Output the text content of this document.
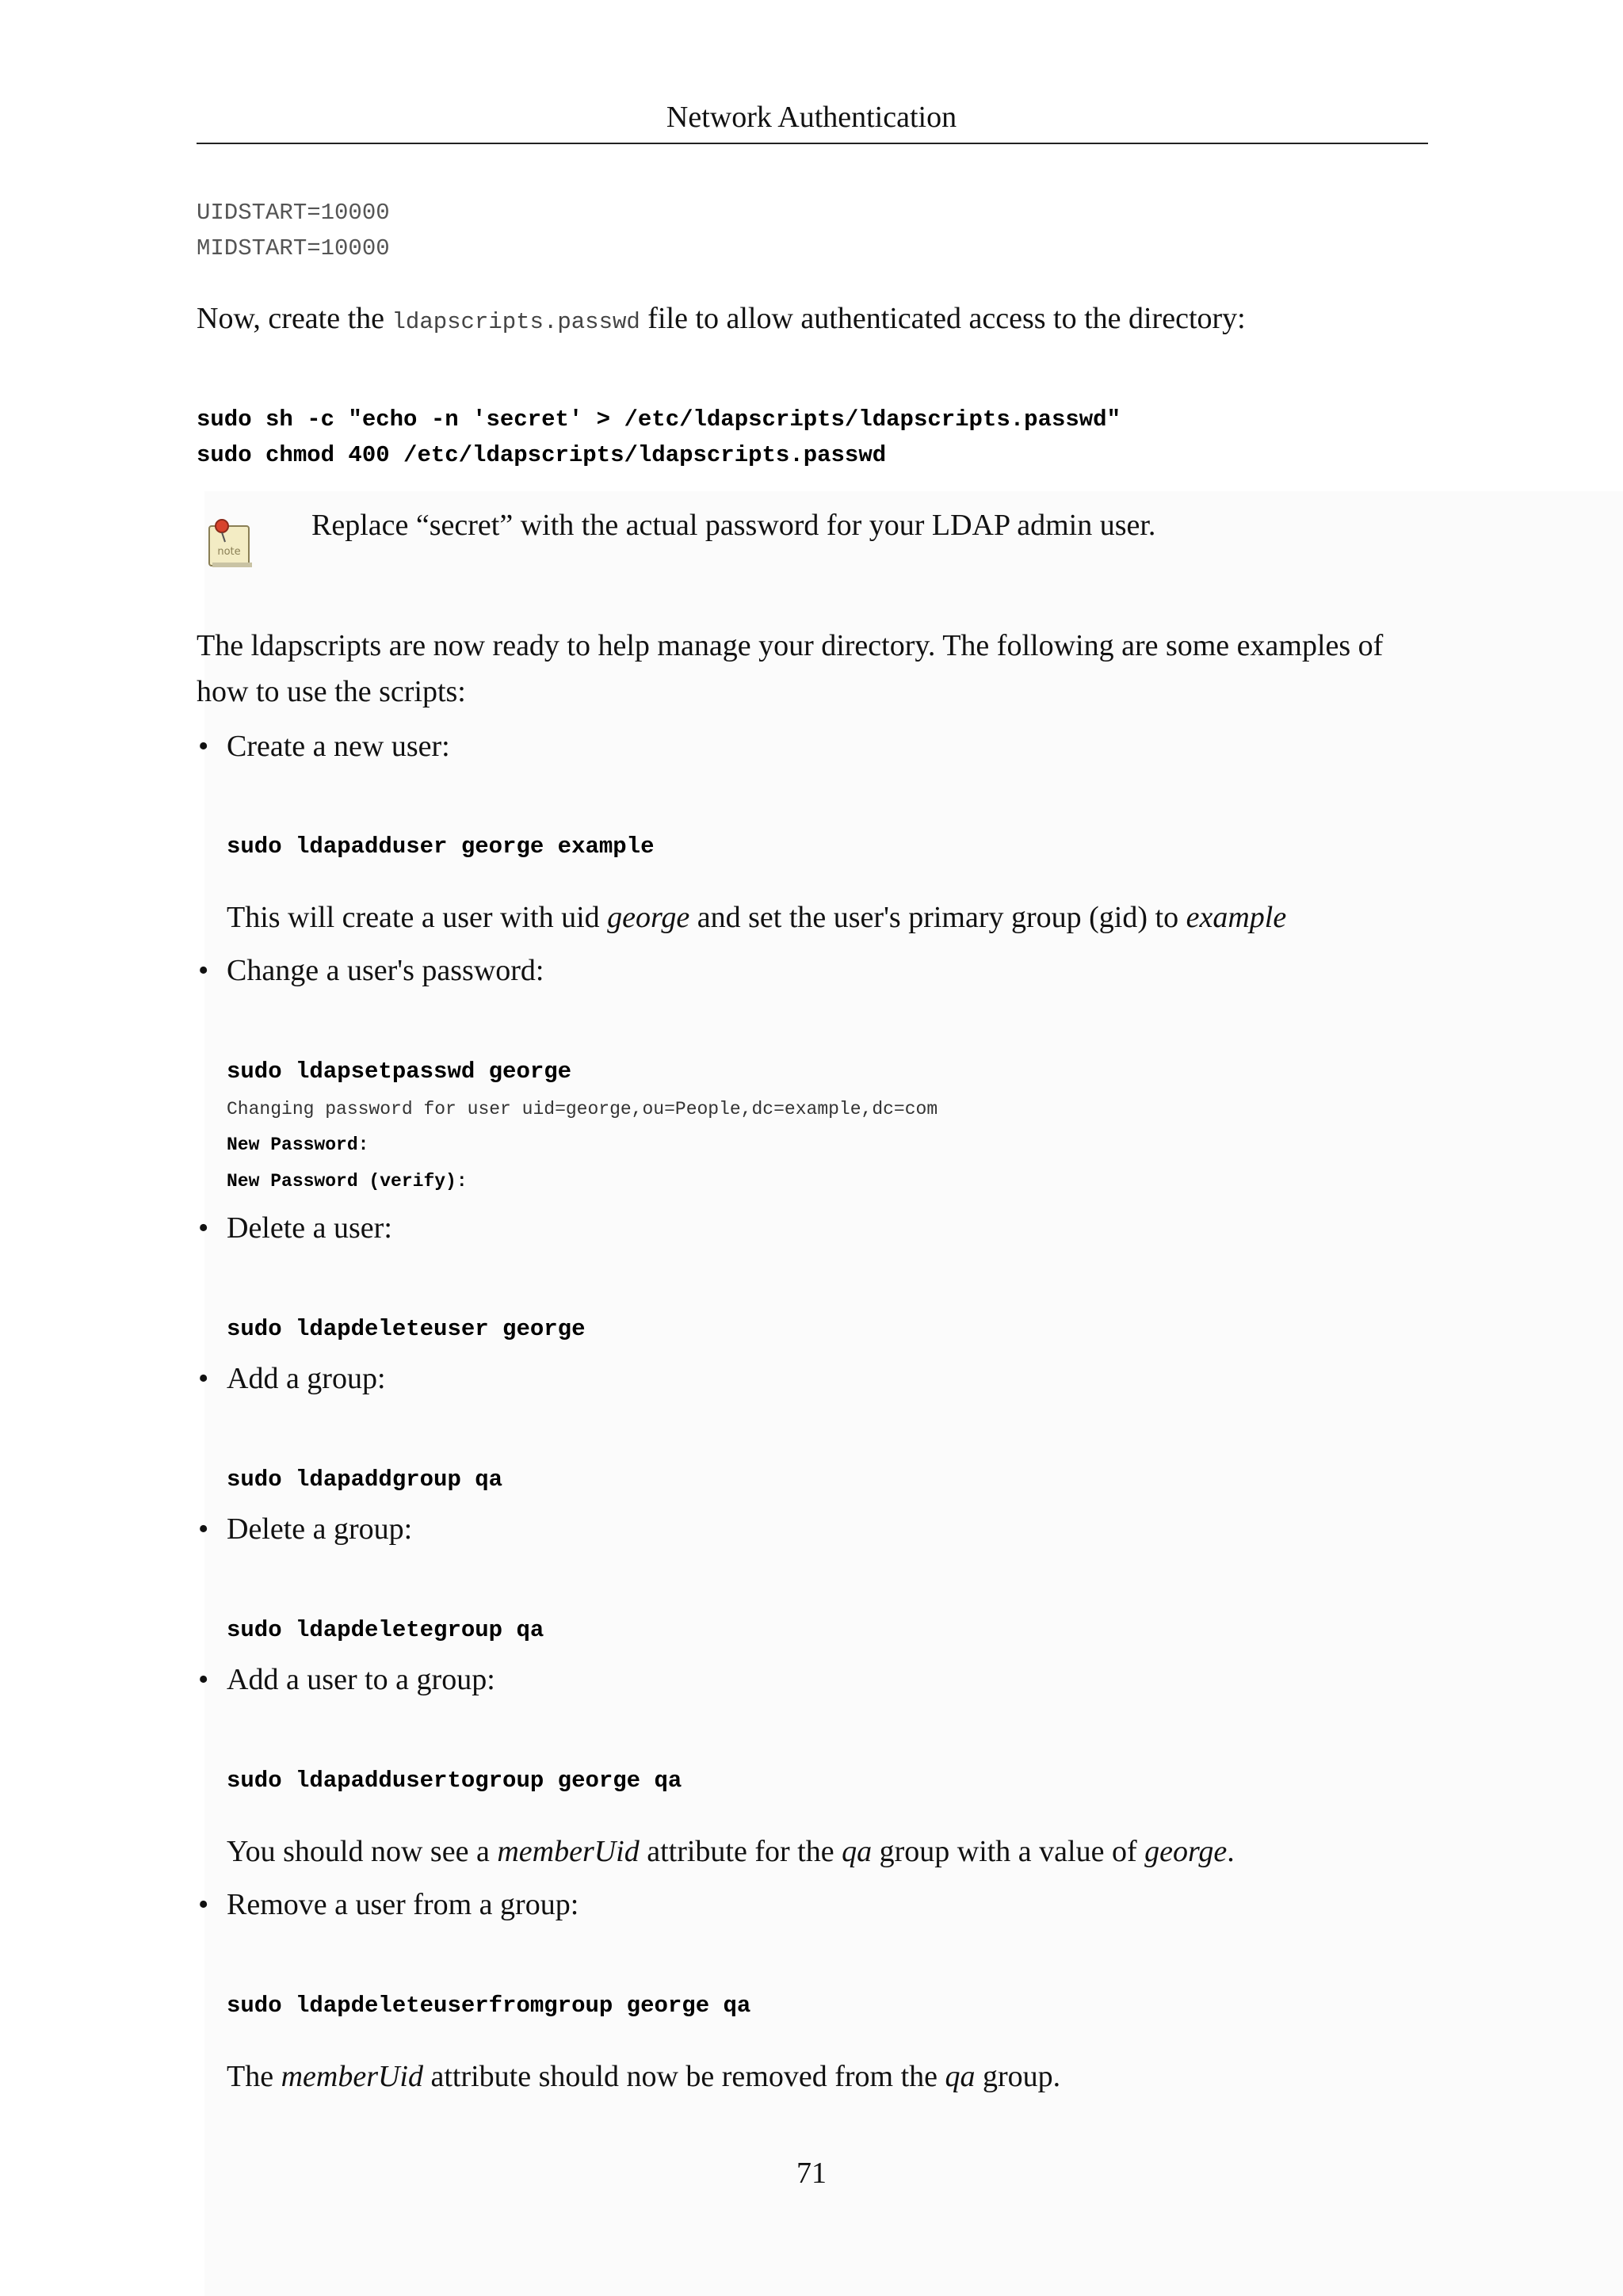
Network Authentication
UIDSTART=10000
MIDSTART=10000
Now, create the ldapscripts.passwd file to allow authenticated access to the directory:
sudo sh -c "echo -n 'secret' > /etc/ldapscripts/ldapscripts.passwd"
sudo chmod 400 /etc/ldapscripts/ldapscripts.passwd
note
Replace “secret” with the actual password for your LDAP admin user.
The ldapscripts are now ready to help manage your directory. The following are some examples of
how to use the scripts:
• Create a new user:
sudo ldapadduser george example
This will create a user with uid george and set the user's primary group (gid) to example
• Change a user's password:
sudo ldapsetpasswd george
Changing password for user uid=george,ou=People,dc=example,dc=com
New Password:
New Password (verify):
• Delete a user:
sudo ldapdeleteuser george
• Add a group:
sudo ldapaddgroup qa
• Delete a group:
sudo ldapdeletegroup qa
• Add a user to a group:
sudo ldapaddusertogroup george qa
You should now see a memberUid attribute for the qa group with a value of george.
• Remove a user from a group:
sudo ldapdeleteuserfromgroup george qa
The memberUid attribute should now be removed from the qa group.
71
